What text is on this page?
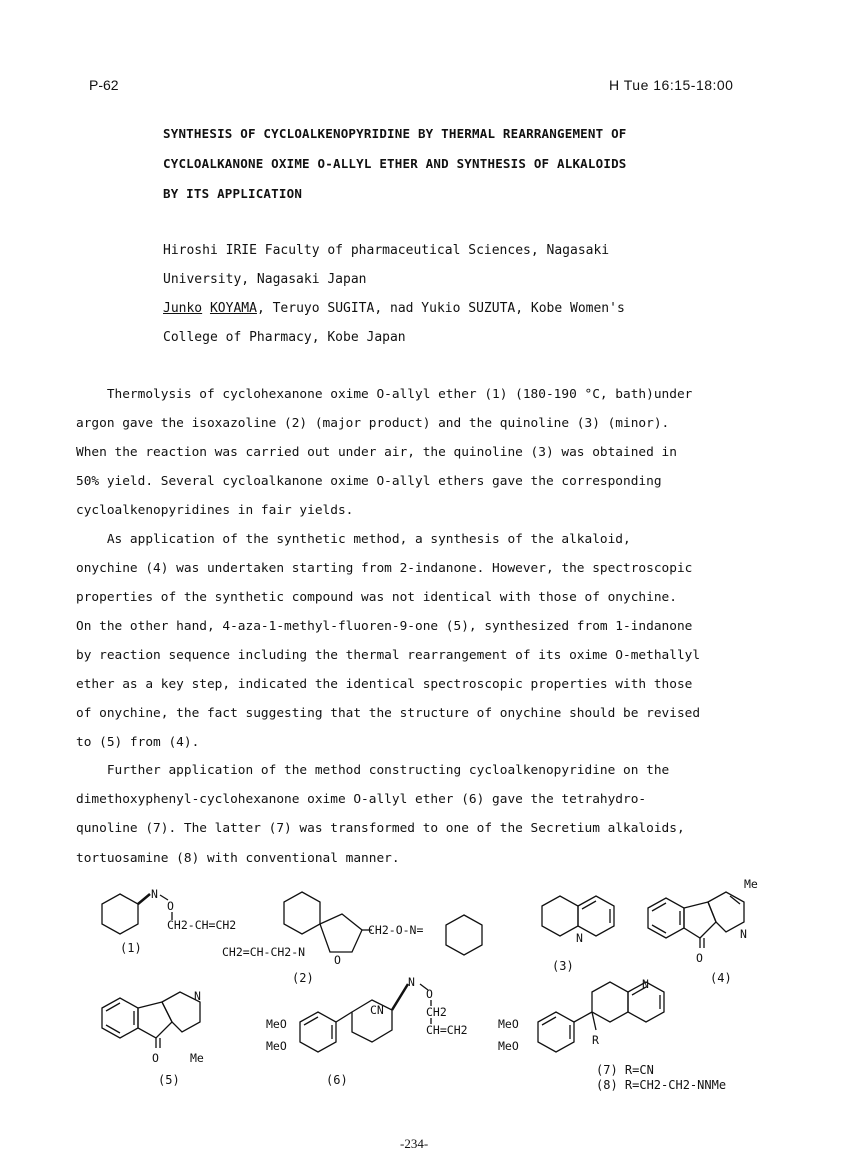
P-62	H Tue 16:15-18:00
SYNTHESIS OF CYCLOALKENOPYRIDINE BY THERMAL REARRANGEMENT OF
CYCLOALKANONE OXIME O-ALLYL ETHER AND SYNTHESIS OF ALKALOIDS
BY ITS APPLICATION
Hiroshi IRIE Faculty of pharmaceutical Sciences, Nagasaki
University, Nagasaki Japan
Junko KOYAMA, Teruyo SUGITA, nad Yukio SUZUTA, Kobe Women's
College of Pharmacy, Kobe Japan
Thermolysis of cyclohexanone oxime O-allyl ether (1) (180-190 °C, bath)under
argon gave the isoxazoline (2) (major product) and the quinoline (3) (minor).
When the reaction was carried out under air, the quinoline (3) was obtained in
50% yield. Several cycloalkanone oxime O-allyl ethers gave the corresponding
cycloalkenopyridines in fair yields.
As application of the synthetic method, a synthesis of the alkaloid,
onychine (4) was undertaken starting from 2-indanone. However, the spectroscopic
properties of the synthetic compound was not identical with those of onychine.
On the other hand, 4-aza-1-methyl-fluoren-9-one (5), synthesized from 1-indanone
by reaction sequence including the thermal rearrangement of its oxime O-methallyl
ether as a key step, indicated the identical spectroscopic properties with those
of onychine, the fact suggesting that the structure of onychine should be revised
to (5) from (4).
Further application of the method constructing cycloalkenopyridine on the
dimethoxyphenyl-cyclohexanone oxime O-allyl ether (6) gave the tetrahydro-
qunoline (7). The latter (7) was transformed to one of the Secretium alkaloids,
tortuosamine (8) with conventional manner.
N
O
CH2-CH=CH2
(1)
CH2-O-N=
CH2=CH-CH2-N
O
(2)
N
(3)
O
N
Me
(4)
O
N
Me
(5)
MeO
MeO
CN
N
O
CH2
CH=CH2
(6)
MeO
MeO
N
R
(7) R=CN
(8) R=CH2-CH2-NNMe
-234-
